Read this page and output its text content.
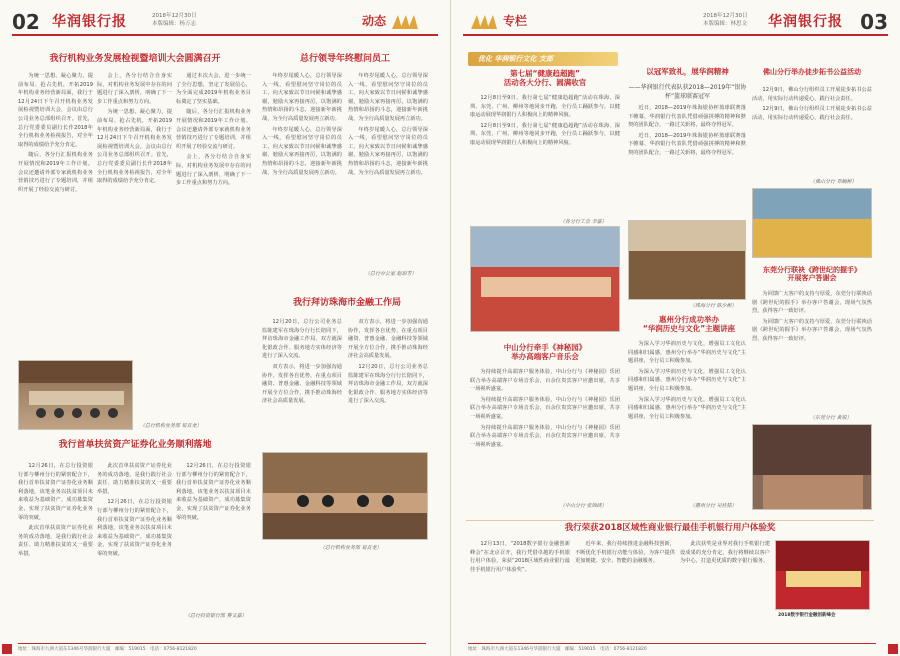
02 华润银行报	2018年12月30日
本版编辑：杨万志	动态
我行机构业务发展检视暨培训大会圆满召开

为统一思想、凝心聚力，提前布局、抢占先机，开拓2019年机构业务经营新局面，我行于12月24日下午召开机构业务发展检视暨培训大会，会议由总行公司业务总部组织召开。首先，总行党委委员副行长作2018年全行机构业务检视报告，对全年取得的成绩给予充分肯定。

随后，各分行汇报机构业务开展情况和2019年工作计划。会议还邀请外部专家就机构业务营销技巧进行了专题培训，并组织开展了经验交流与研讨。

会上，各分行结合自身实际，对机构业务发展中存在的问题进行了深入剖析，明确了下一步工作重点和努力方向。

为统一思想、凝心聚力，提前布局、抢占先机，开拓2019年机构业务经营新局面，我行于12月24日下午召开机构业务发展检视暨培训大会，会议由总行公司业务总部组织召开。首先，总行党委委员副行长作2018年全行机构业务检视报告，对全年取得的成绩给予充分肯定。

通过本次大会，进一步统一了全行思想，坚定了发展信心，为全面完成2019年机构业务目标奠定了坚实基础。

随后，各分行汇报机构业务开展情况和2019年工作计划。会议还邀请外部专家就机构业务营销技巧进行了专题培训，并组织开展了经验交流与研讨。

会上，各分行结合自身实际，对机构业务发展中存在的问题进行了深入剖析，明确了下一步工作重点和努力方向。

（总行机构业务部 易首龙）
总行领导年终慰问员工

年终岁尾暖人心，总行领导深入一线，看望慰问坚守岗位的员工，向大家致以节日问候和诚挚感谢，勉励大家再接再厉，以饱满的热情和昂扬的斗志，迎接新年新挑战，为全行高质量发展再立新功。

年终岁尾暖人心，总行领导深入一线，看望慰问坚守岗位的员工，向大家致以节日问候和诚挚感谢，勉励大家再接再厉，以饱满的热情和昂扬的斗志，迎接新年新挑战，为全行高质量发展再立新功。

年终岁尾暖人心，总行领导深入一线，看望慰问坚守岗位的员工，向大家致以节日问候和诚挚感谢，勉励大家再接再厉，以饱满的热情和昂扬的斗志，迎接新年新挑战，为全行高质量发展再立新功。

年终岁尾暖人心，总行领导深入一线，看望慰问坚守岗位的员工，向大家致以节日问候和诚挚感谢，勉励大家再接再厉，以饱满的热情和昂扬的斗志，迎接新年新挑战，为全行高质量发展再立新功。

（总行办公室 赵琼芳）
我行拜访珠海市金融工作局

12月20日，总行公司业务总监陈建军在珠海分行行长陪同下，拜访珠海市金融工作局，双方就深化银政合作、服务地方实体经济等进行了深入交流。

双方表示，将进一步加强沟通协作，发挥各自优势，在重点项目融资、普惠金融、金融科技等领域开展全方位合作，携手推动珠海经济社会高质量发展。

双方表示，将进一步加强沟通协作，发挥各自优势，在重点项目融资、普惠金融、金融科技等领域开展全方位合作，携手推动珠海经济社会高质量发展。

12月20日，总行公司业务总监陈建军在珠海分行行长陪同下，拜访珠海市金融工作局，双方就深化银政合作、服务地方实体经济等进行了深入交流。

（总行机构业务部 易首龙）
我行首单扶贫资产证券化业务顺利落地

12月26日，在总行投资银行部与柳州分行的紧密配合下，我行首单扶贫资产证券化业务顺利落地，该笔业务以扶贫项目未来收益为基础资产，成功募集资金，实现了扶贫资产证券化业务零的突破。

此次首单扶贫资产证券化业务的成功落地，是我行践行社会责任、助力精准扶贫的又一重要举措。

此次首单扶贫资产证券化业务的成功落地，是我行践行社会责任、助力精准扶贫的又一重要举措。

12月26日，在总行投资银行部与柳州分行的紧密配合下，我行首单扶贫资产证券化业务顺利落地，该笔业务以扶贫项目未来收益为基础资产，成功募集资金，实现了扶贫资产证券化业务零的突破。

12月26日，在总行投资银行部与柳州分行的紧密配合下，我行首单扶贫资产证券化业务顺利落地，该笔业务以扶贫项目未来收益为基础资产，成功募集资金，实现了扶贫资产证券化业务零的突破。

（总行投资银行部 蔡文嘉）
地址：珠海市九洲大道东1346号华润银行大厦　邮编：519015　电话：0756-8121820
专栏	2018年12月30日
本版编辑：林思文 华润银行报 03
优化 华润银行文化 支部
第七届“健康趋超跑”
活动各大分行、圆满收官

12月8日至9日，我行第七届“健康趋超跑”活动在珠海、深圳、东莞、广州、柳州等地同步开跑，全行员工踊跃参与，以健康运动展现华润银行人积极向上的精神风貌。

12月8日至9日，我行第七届“健康趋超跑”活动在珠海、深圳、东莞、广州、柳州等地同步开跑，全行员工踊跃参与，以健康运动展现华润银行人积极向上的精神风貌。

（各分行工会 李嘉）
中山分行牵手《神秘园》
举办高端客户音乐会

为持续提升高端客户服务体验，中山分行与《神秘园》乐团联合举办高端客户专场音乐会，百余位贵宾客户应邀出席，共享一场视听盛宴。

为持续提升高端客户服务体验，中山分行与《神秘园》乐团联合举办高端客户专场音乐会，百余位贵宾客户应邀出席，共享一场视听盛宴。

为持续提升高端客户服务体验，中山分行与《神秘园》乐团联合举办高端客户专场音乐会，百余位贵宾客户应邀出席，共享一场视听盛宴。

（中山分行 张锦绣）
以冠军致礼，展华润精神
——华润银行代表队获2018—2019年“银协杯”篮球联赛冠军

近日，2018—2019年珠海银协杯篮球联赛落下帷幕，华润银行代表队凭借顽强拼搏的精神和默契的团队配合，一路过关斩将，最终夺得冠军。

近日，2018—2019年珠海银协杯篮球联赛落下帷幕，华润银行代表队凭借顽强拼搏的精神和默契的团队配合，一路过关斩将，最终夺得冠军。

（珠海分行 陈少彬）
惠州分行成功举办
“华润历史与文化”主题讲座

为深入学习华润历史与文化，增强员工文化认同感和归属感，惠州分行举办“华润历史与文化”主题讲座，全行员工积极参加。

为深入学习华润历史与文化，增强员工文化认同感和归属感，惠州分行举办“华润历史与文化”主题讲座，全行员工积极参加。

为深入学习华润历史与文化，增强员工文化认同感和归属感，惠州分行举办“华润历史与文化”主题讲座，全行员工积极参加。

（惠州分行 吴桂铭）
佛山分行举办徒步拓书公益活动

12月9日，佛山分行组织员工开展徒步拓书公益活动，用实际行动传递爱心，践行社会责任。

12月9日，佛山分行组织员工开展徒步拓书公益活动，用实际行动传递爱心，践行社会责任。

（佛山分行 邓婉彬）
东莞分行联袂《跨世纪的握手》
开展客户答谢会

为回馈广大客户的支持与厚爱，东莞分行联袂话剧《跨世纪的握手》举办客户答谢会，现场气氛热烈，获得客户一致好评。

为回馈广大客户的支持与厚爱，东莞分行联袂话剧《跨世纪的握手》举办客户答谢会，现场气氛热烈，获得客户一致好评。

（东莞分行 黄锐）
我行荣获2018区域性商业银行最佳手机银行用户体验奖

12月13日，“2018数字银行金融创新峰会”在北京召开，我行凭借卓越的手机银行用户体验，荣获“2018区域性商业银行最佳手机银行用户体验奖”。

近年来，我行持续推进金融科技创新，不断优化手机银行功能与体验，为客户提供更加便捷、安全、智能的金融服务。

此次获奖是业界对我行手机银行建设成果的充分肯定，我行将继续以客户为中心，打造更优质的数字银行服务。

2018数字银行金融创新峰会
地址：珠海市九洲大道东1346号华润银行大厦　邮编：519015　电话：0756-8121820
